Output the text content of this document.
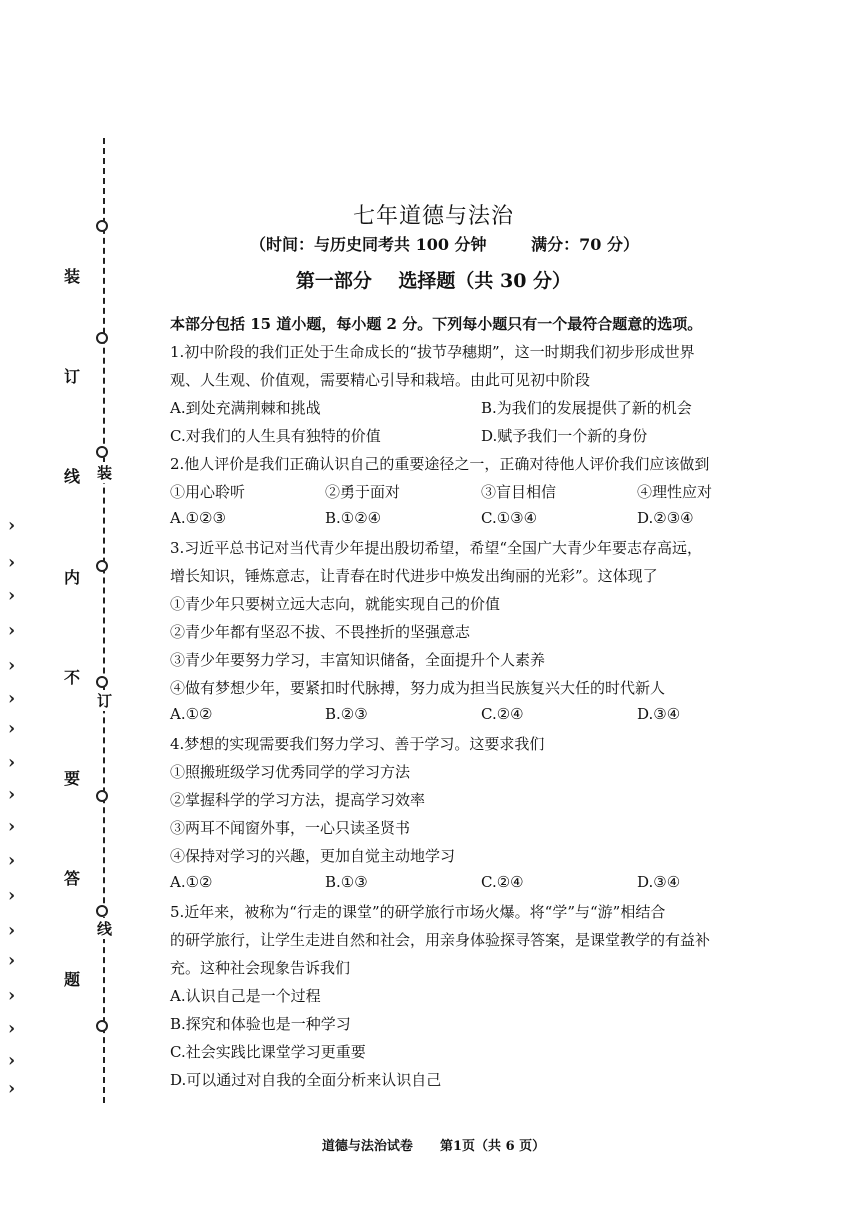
装
订
线
内
不
要
答
题
装
订
线
›
›
›
›
›
›
›
›
›
›
›
›
›
›
›
›
›
›
七年道德与法治
（时间：与历史同考共 100 分钟	满分：70 分）
第一部分    选择题（共 30 分）
本部分包括 15 道小题，每小题 2 分。下列每小题只有一个最符合题意的选项。
1.初中阶段的我们正处于生命成长的“拔节孕穗期”，这一时期我们初步形成世界
观、人生观、价值观，需要精心引导和栽培。由此可见初中阶段
A.到处充满荆棘和挑战	B.为我们的发展提供了新的机会
C.对我们的人生具有独特的价值	D.赋予我们一个新的身份
2.他人评价是我们正确认识自己的重要途径之一，正确对待他人评价我们应该做到
①用心聆听	②勇于面对	③盲目相信	④理性应对
A.①②③	B.①②④	C.①③④	D.②③④
3.习近平总书记对当代青少年提出殷切希望，希望“全国广大青少年要志存高远，
增长知识，锤炼意志，让青春在时代进步中焕发出绚丽的光彩”。这体现了
①青少年只要树立远大志向，就能实现自己的价值
②青少年都有坚忍不拔、不畏挫折的坚强意志
③青少年要努力学习，丰富知识储备，全面提升个人素养
④做有梦想少年，要紧扣时代脉搏，努力成为担当民族复兴大任的时代新人
A.①②	B.②③	C.②④	D.③④
4.梦想的实现需要我们努力学习、善于学习。这要求我们
①照搬班级学习优秀同学的学习方法
②掌握科学的学习方法，提高学习效率
③两耳不闻窗外事，一心只读圣贤书
④保持对学习的兴趣，更加自觉主动地学习
A.①②	B.①③	C.②④	D.③④
5.近年来，被称为“行走的课堂”的研学旅行市场火爆。将“学”与“游”相结合
的研学旅行，让学生走进自然和社会，用亲身体验探寻答案，是课堂教学的有益补
充。这种社会现象告诉我们
A.认识自己是一个过程
B.探究和体验也是一种学习
C.社会实践比课堂学习更重要
D.可以通过对自我的全面分析来认识自己
道德与法治试卷      第1页（共 6 页）
